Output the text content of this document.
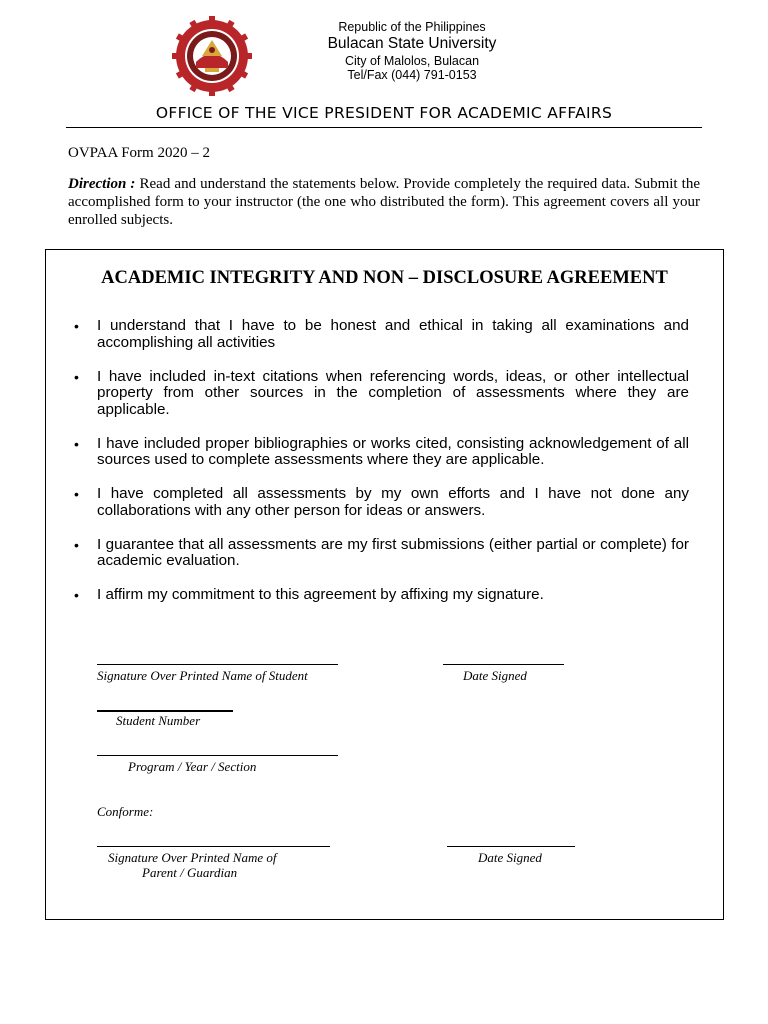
Republic of the Philippines
Bulacan State University
City of Malolos, Bulacan
Tel/Fax (044) 791-0153
OFFICE OF THE VICE PRESIDENT FOR ACADEMIC AFFAIRS
OVPAA Form 2020 – 2
Direction : Read and understand the statements below. Provide completely the required data. Submit the accomplished form to your instructor (the one who distributed the form). This agreement covers all your enrolled subjects.
ACADEMIC INTEGRITY AND NON – DISCLOSURE AGREEMENT
• I understand that I have to be honest and ethical in taking all examinations and accomplishing all activities
• I have included in-text citations when referencing words, ideas, or other intellectual property from other sources in the completion of assessments where they are applicable.
• I have included proper bibliographies or works cited, consisting acknowledgement of all sources used to complete assessments where they are applicable.
• I have completed all assessments by my own efforts and I have not done any collaborations with any other person for ideas or answers.
• I guarantee that all assessments are my first submissions (either partial or complete) for academic evaluation.
• I affirm my commitment to this agreement by affixing my signature.
Signature Over Printed Name of Student	Date Signed
Student Number
Program / Year / Section
Conforme:
Signature Over Printed Name of
Parent / Guardian
Date Signed
